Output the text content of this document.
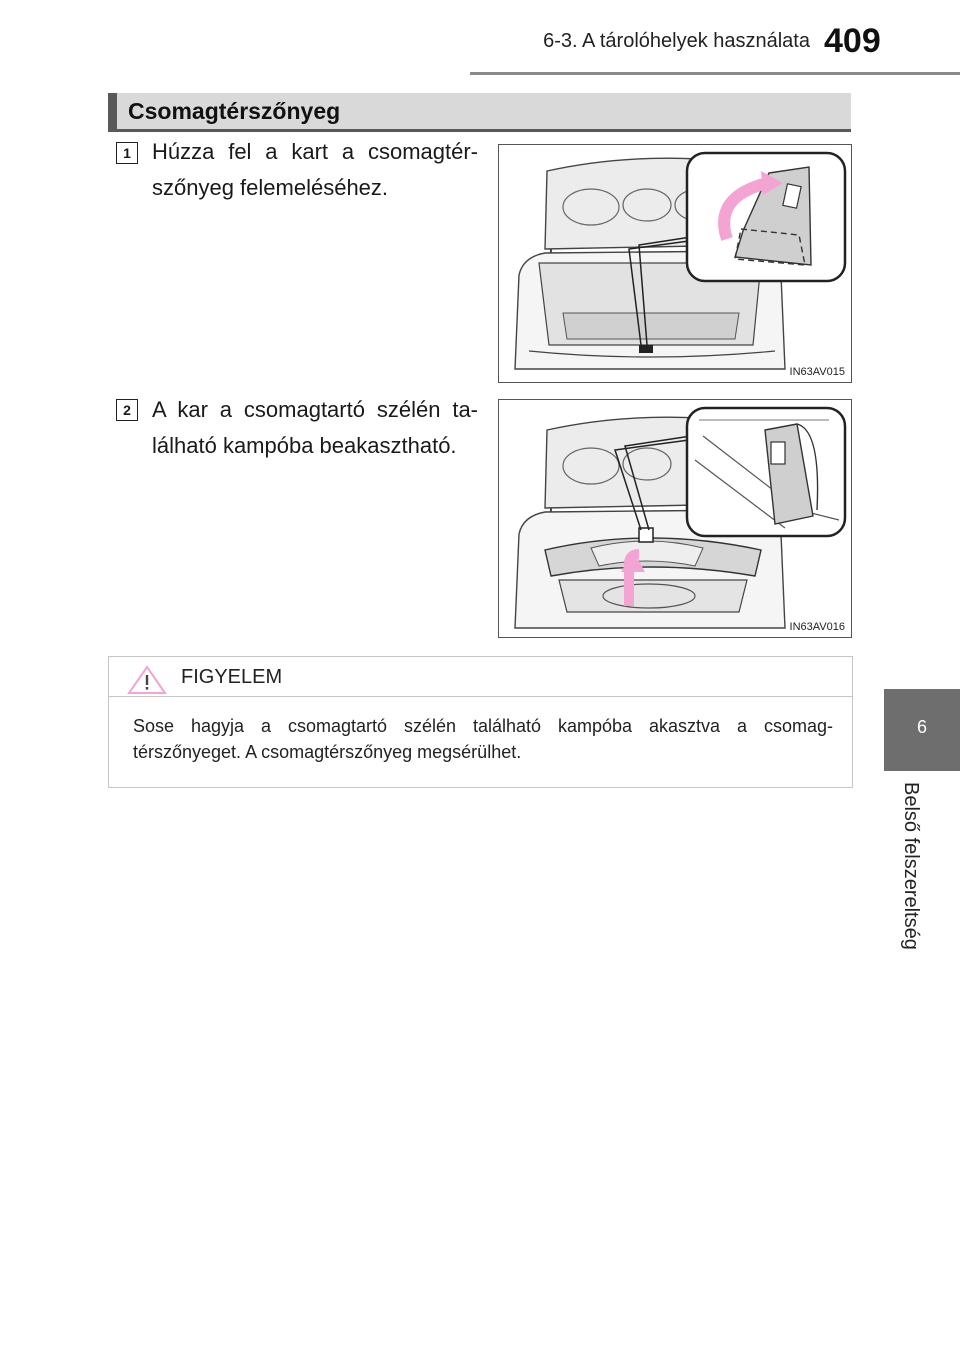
6-3. A tárolóhelyek használata 409
6
Belső felszereltség
Csomagtérszőnyeg
1 Húzza fel a kart a csomagtér-szőnyeg felemeléséhez.
IN63AV015
2 A kar a csomagtartó szélén ta-lálható kampóba beakasztható.
IN63AV016
FIGYELEM
Sose hagyja a csomagtartó szélén található kampóba akasztva a csomag-térszőnyeget. A csomagtérszőnyeg megsérülhet.
